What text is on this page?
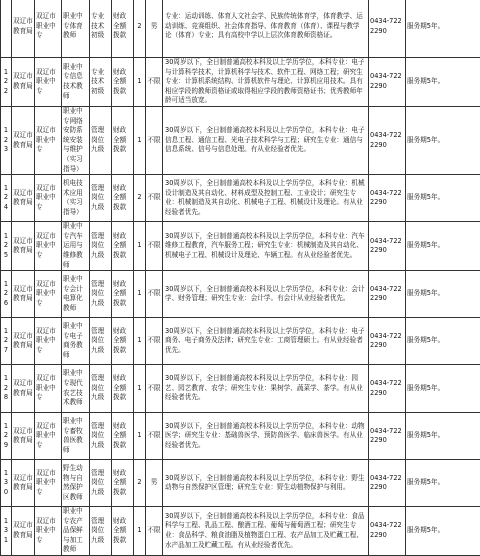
	双辽市教育局	双辽市职业中专	职业中专体育教师	专业技术初级	财政全额拨款	2	男	专业：运动训练、体育人文社会学、民族传统体育学，体育教学、运动训练、竞赛组织、社会体育指导、体育教育（体育）、课程与教学论（体育）专业；具有高校中学以上层次体育教师资格证。	0434-7222290	服务期5年。
122	双辽市教育局	双辽市职业中专	职业中专信息技术教师	专业技术初级	财政全额拨款	1	不限	30周岁以下，全日制普通高校本科及以上学历学位，本科专业：电子与计算科学技术，计算机科学与技术、软件工程、网络工程；研究生专业：计算机系统结构、计算机软件与理论、计算机应用技术。具有相应学段的教师资格证或取得相应学段的教师资格证书；优秀教师年龄可适当放宽。	0434-7222290	服务期5年。
123	双辽市教育局	双辽市职业中专	职业中专网络安防系统安装与维护（实习指导）	管理岗位九级	财政全额拨款	1	不限	30周岁以下，全日制普通高校本科及以上学历学位，本科专业：电子信息工程、通信工程、光电子技术科学与工程；研究生专业：通信与信息系统、信号与信息处理。有从业经验者优先。	0434-7222290	服务期5年。
124	双辽市教育局	双辽市职业中专	机电技术应用（实习指导）	管理岗位九级	财政全额拨款	2	不限	30周岁以下，全日制普通高校本科及以上学历学位，本科专业：机械设计制造及其自动化、材料成型及控制工程、工业设计；研究生专业：机械制造及其自动化、机械电子工程、机械设计及理论。有从业经验者优先。	0434-7222290	服务期5年。
125	双辽市教育局	双辽市职业中专	职业中专汽车运用与维修教师	管理岗位九级	财政全额拨款	1	不限	30周岁以下，全日制普通高校本科及以上学历学位，本科专业：汽车维修工程教育，汽车服务工程；研究生专业：机械制造及其自动化、机械电子工程、机械设计及理论、车辆工程。有从业经验者优先。	0434-7222290	服务期5年。
126	双辽市教育局	双辽市职业中专	职业中专会计电算化教师	管理岗位九级	财政全额拨款	1	不限	30周岁以下，全日制普通高校本科及以上学历学位，本科专业：会计学、财务管理；研究生专业：会计学。有会计从业经验者优先。	0434-7222290	服务期5年。
127	双辽市教育局	双辽市职业中专	职业中专电子商务教师	管理岗位九级	财政全额拨款	1	不限	30周岁以下，全日制普通高校本科及以上学历学位，本科专业：电子商务、电子商务及法律；研究生专业：工商管理硕士。有从业经验者优先。	0434-7222290	服务期5年。
128	双辽市教育局	双辽市职业中专	职业中专现代农艺技术教师	管理岗位九级	财政全额拨款	1	不限	30周岁以下，全日制普通高校本科及以上学历学位，本科专业：园艺、园艺教育、农学；研究生专业：果树学、蔬菜学、茶学。有从业经验者优先。	0434-7222290	服务期5年。
129	双辽市教育局	双辽市职业中专	职业中专畜牧兽医教师	管理岗位九级	财政全额拨款	1	不限	30周岁以下，全日制普通高校本科及以上学历学位，本科专业：动物医学；研究生专业：基础兽医学、预防兽医学、临床兽医学。有从业经验者优先。	0434-7222290	服务期5年。
130	双辽市教育局	双辽市职业中专	野生动物与自然保护区教师	管理岗位九级	财政全额拨款	2	男	30周岁以下，全日制普通高校本科及以上学历学位，本科专业：野生动物与自然保护区管理；研究生专业：野生动植物保护与利用。	0434-7222290	服务期5年。
131	双辽市教育局	双辽市职业中专	职业中专农产品保鲜与加工教师	管理岗位九级	财政全额拨款	1	不限	30周岁以下，全日制普通高校本科及以上学历学位，本科专业：食品科学与工程、乳品工程、酿酒工程、葡萄与葡萄酒工程；研究生专业：食品科学、粮食油脂及植物蛋白工程、农产品加工及贮藏工程、水产品加工及贮藏工程。有从业经验者优先。	0434-7222290	服务期5年。
